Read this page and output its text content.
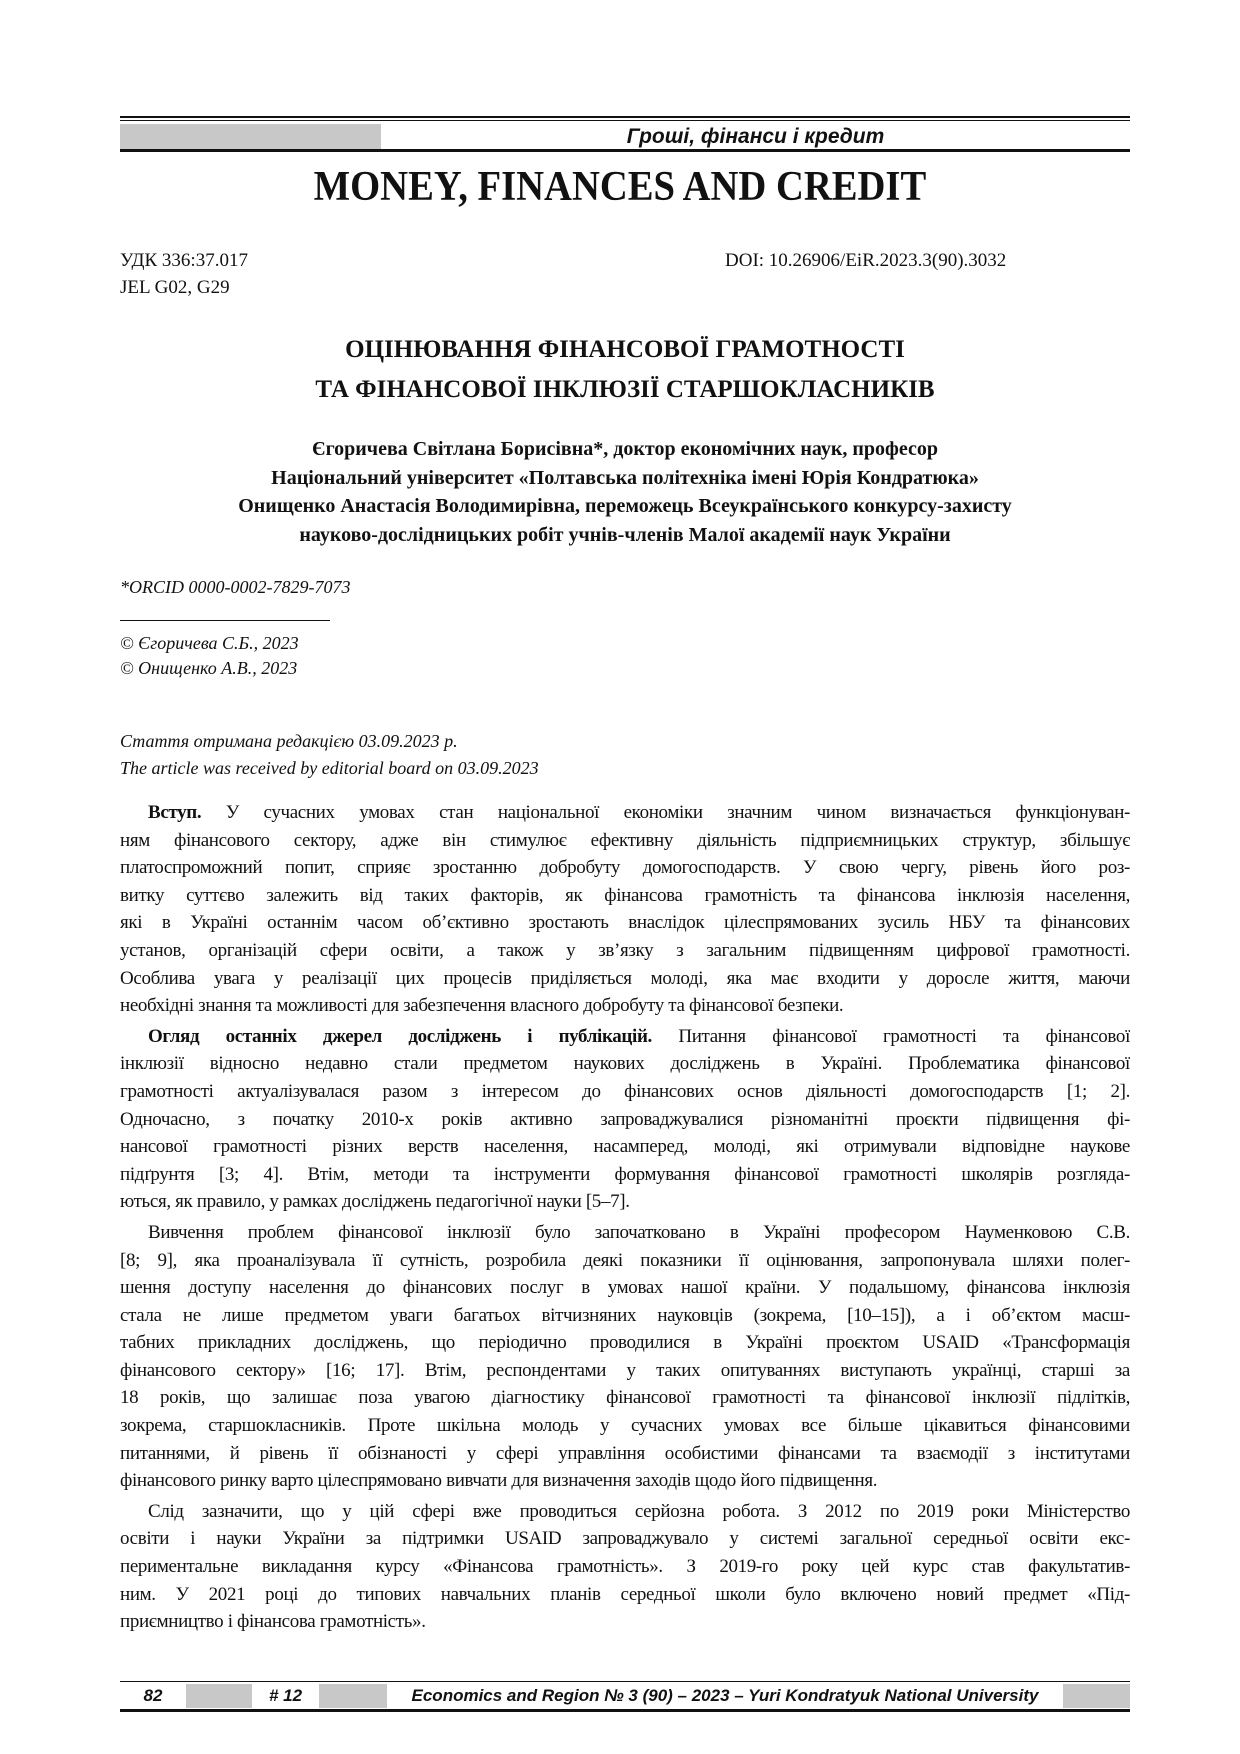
Гроші, фінанси і кредит
MONEY, FINANCES AND CREDIT
УДК 336:37.017
JEL G02, G29
DOI: 10.26906/EiR.2023.3(90).3032
ОЦІНЮВАННЯ ФІНАНСОВОЇ ГРАМОТНОСТІ
ТА ФІНАНСОВОЇ ІНКЛЮЗІЇ СТАРШОКЛАСНИКІВ
Єгоричева Світлана Борисівна*, доктор економічних наук, професор
Національний університет «Полтавська політехніка імені Юрія Кондратюка»
Онищенко Анастасія Володимирівна, переможець Всеукраїнського конкурсу-захисту
науково-дослідницьких робіт учнів-членів Малої академії наук України
*ORCID 0000-0002-7829-7073
© Єгоричева С.Б., 2023
© Онищенко А.В., 2023
Стаття отримана редакцією 03.09.2023 р.
The article was received by editorial board on 03.09.2023
Вступ. У сучасних умовах стан національної економіки значним чином визначається функціонуван-
ням фінансового сектору, адже він стимулює ефективну діяльність підприємницьких структур, збільшує
платоспроможний попит, сприяє зростанню добробуту домогосподарств. У свою чергу, рівень його роз-
витку суттєво залежить від таких факторів, як фінансова грамотність та фінансова інклюзія населення,
які в Україні останнім часом об’єктивно зростають внаслідок цілеспрямованих зусиль НБУ та фінансових
установ, організацій сфери освіти, а також у зв’язку з загальним підвищенням цифрової грамотності.
Особлива увага у реалізації цих процесів приділяється молоді, яка має входити у доросле життя, маючи
необхідні знання та можливості для забезпечення власного добробуту та фінансової безпеки.
Огляд останніх джерел досліджень і публікацій. Питання фінансової грамотності та фінансової
інклюзії відносно недавно стали предметом наукових досліджень в Україні. Проблематика фінансової
грамотності актуалізувалася разом з інтересом до фінансових основ діяльності домогосподарств [1; 2].
Одночасно, з початку 2010-х років активно запроваджувалися різноманітні проєкти підвищення фі-
нансової грамотності різних верств населення, насамперед, молоді, які отримували відповідне наукове
підґрунтя [3; 4]. Втім, методи та інструменти формування фінансової грамотності школярів розгляда-
ються, як правило, у рамках досліджень педагогічної науки [5–7].
Вивчення проблем фінансової інклюзії було започатковано в Україні професором Науменковою С.В.
[8; 9], яка проаналізувала її сутність, розробила деякі показники її оцінювання, запропонувала шляхи полег-
шення доступу населення до фінансових послуг в умовах нашої країни. У подальшому, фінансова інклюзія
стала не лише предметом уваги багатьох вітчизняних науковців (зокрема, [10–15]), а і об’єктом масш-
табних прикладних досліджень, що періодично проводилися в Україні проєктом USAID «Трансформація
фінансового сектору» [16; 17]. Втім, респондентами у таких опитуваннях виступають українці, старші за
18 років, що залишає поза увагою діагностику фінансової грамотності та фінансової інклюзії підлітків,
зокрема, старшокласників. Проте шкільна молодь у сучасних умовах все більше цікавиться фінансовими
питаннями, й рівень її обізнаності у сфері управління особистими фінансами та взаємодії з інститутами
фінансового ринку варто цілеспрямовано вивчати для визначення заходів щодо його підвищення.
Слід зазначити, що у цій сфері вже проводиться серйозна робота. З 2012 по 2019 роки Міністерство
освіти і науки України за підтримки USAID запроваджувало у системі загальної середньої освіти екс-
периментальне викладання курсу «Фінансова грамотність». З 2019-го року цей курс став факультатив-
ним. У 2021 році до типових навчальних планів середньої школи було включено новий предмет «Під-
приємництво і фінансова грамотність».
82	# 12	Economics and Region № 3 (90) – 2023 – Yuri Kondratyuk National University
